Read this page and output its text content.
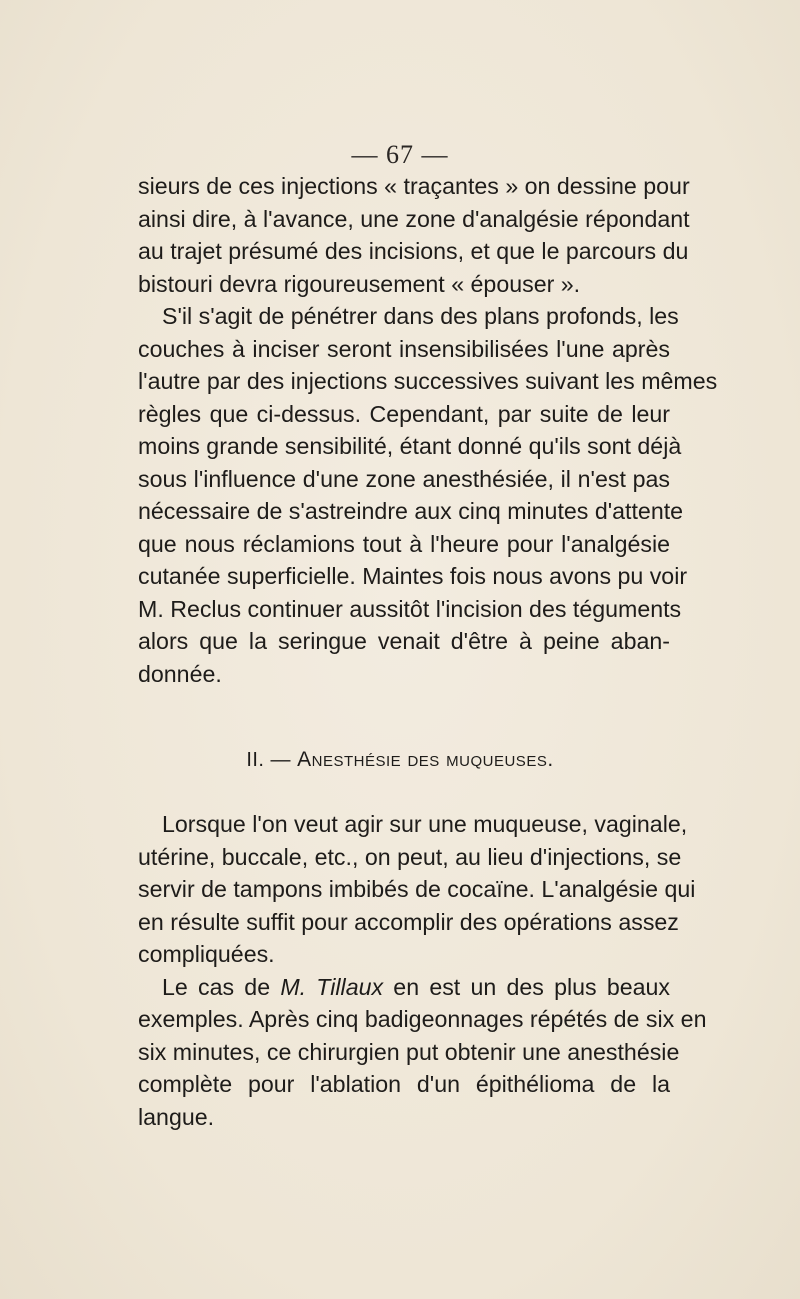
— 67 —

sieurs de ces injections « traçantes » on dessine pour
ainsi dire, à l'avance, une zone d'analgésie répondant
au trajet présumé des incisions, et que le parcours du
bistouri devra rigoureusement « épouser ».

S'il s'agit de pénétrer dans des plans profonds, les
couches à inciser seront insensibilisées l'une après
l'autre par des injections successives suivant les mêmes
règles que ci-dessus. Cependant, par suite de leur
moins grande sensibilité, étant donné qu'ils sont déjà
sous l'influence d'une zone anesthésiée, il n'est pas
nécessaire de s'astreindre aux cinq minutes d'attente
que nous réclamions tout à l'heure pour l'analgésie
cutanée superficielle. Maintes fois nous avons pu voir
M. Reclus continuer aussitôt l'incision des téguments
alors que la seringue venait d'être à peine aban-
donnée.

II. — Anesthésie des muqueuses.

Lorsque l'on veut agir sur une muqueuse, vaginale,
utérine, buccale, etc., on peut, au lieu d'injections, se
servir de tampons imbibés de cocaïne. L'analgésie qui
en résulte suffit pour accomplir des opérations assez
compliquées.

Le cas de M. Tillaux en est un des plus beaux
exemples. Après cinq badigeonnages répétés de six en
six minutes, ce chirurgien put obtenir une anesthésie
complète pour l'ablation d'un épithélioma de la
langue.
